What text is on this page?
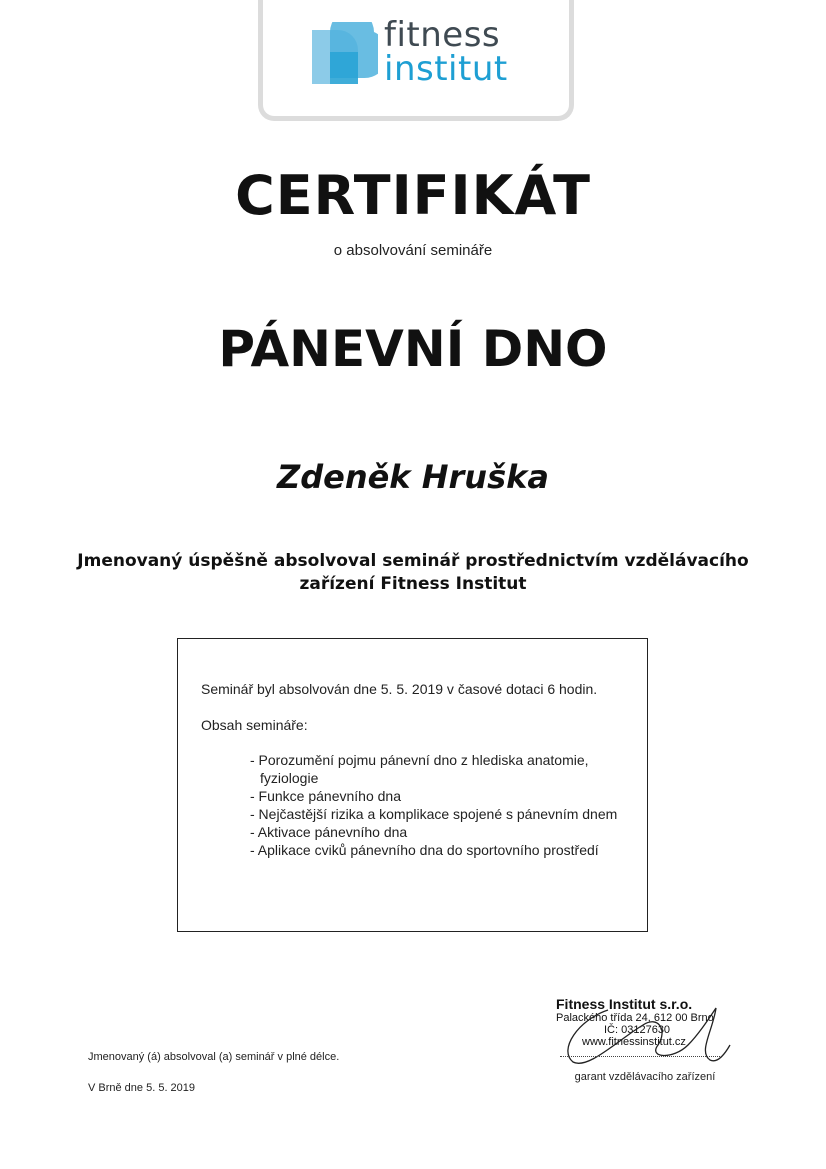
fitness
institut
CERTIFIKÁT
o absolvování semináře
PÁNEVNÍ DNO
Zdeněk Hruška
Jmenovaný úspěšně absolvoval seminář prostřednictvím vzdělávacího
zařízení Fitness Institut
Seminář byl absolvován dne 5. 5. 2019 v časové dotaci 6 hodin.
Obsah semináře:
- Porozumění pojmu pánevní dno z hlediska anatomie, fyziologie
- Funkce pánevního dna
- Nejčastější rizika a komplikace spojené s pánevním dnem
- Aktivace pánevního dna
- Aplikace cviků pánevního dna do sportovního prostředí
Jmenovaný (á) absolvoval (a) seminář v plné délce.
V Brně dne 5. 5. 2019
Fitness Institut s.r.o.
Palackého třída 24, 612 00 Brno
IČ: 03127630
www.fitnessinstitut.cz
garant vzdělávacího zařízení
